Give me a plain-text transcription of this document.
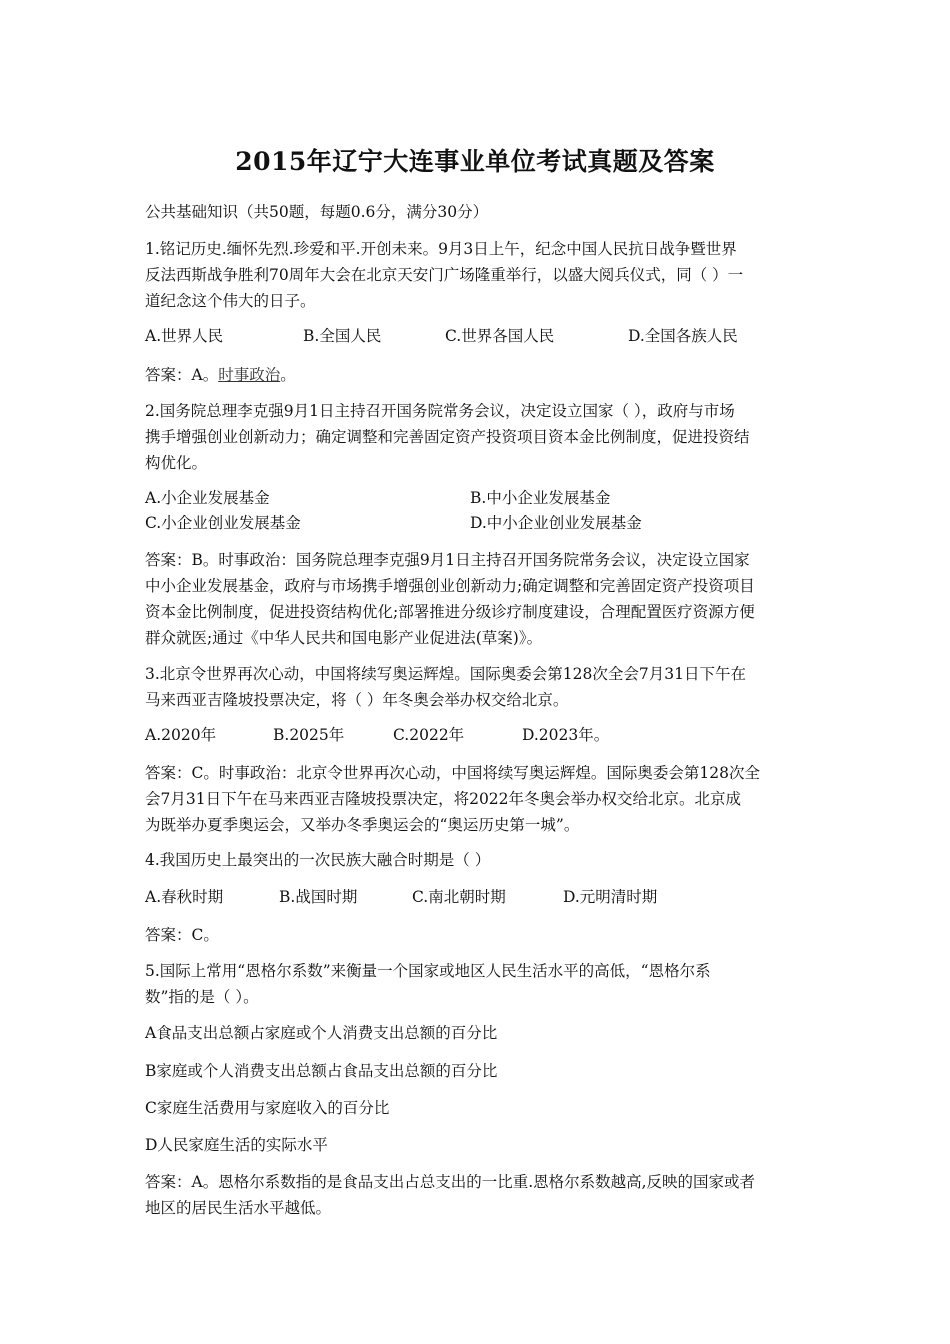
2015年辽宁大连事业单位考试真题及答案
公共基础知识（共50题，每题0.6分，满分30分）
1.铭记历史.缅怀先烈.珍爱和平.开创未来。9月3日上午，纪念中国人民抗日战争暨世界
反法西斯战争胜利70周年大会在北京天安门广场隆重举行，以盛大阅兵仪式，同（ ）一
道纪念这个伟大的日子。
A.世界人民	B.全国人民	C.世界各国人民	D.全国各族人民
答案：A。时事政治。
2.国务院总理李克强9月1日主持召开国务院常务会议，决定设立国家（ ），政府与市场
携手增强创业创新动力；确定调整和完善固定资产投资项目资本金比例制度，促进投资结
构优化。
A.小企业发展基金	B.中小企业发展基金
C.小企业创业发展基金	D.中小企业创业发展基金
答案：B。时事政治：国务院总理李克强9月1日主持召开国务院常务会议，决定设立国家
中小企业发展基金，政府与市场携手增强创业创新动力;确定调整和完善固定资产投资项目
资本金比例制度，促进投资结构优化;部署推进分级诊疗制度建设，合理配置医疗资源方便
群众就医;通过《中华人民共和国电影产业促进法(草案)》。
3.北京令世界再次心动，中国将续写奥运辉煌。国际奥委会第128次全会7月31日下午在
马来西亚吉隆坡投票决定，将（ ）年冬奥会举办权交给北京。
A.2020年	B.2025年	C.2022年	D.2023年。
答案：C。时事政治：北京令世界再次心动，中国将续写奥运辉煌。国际奥委会第128次全
会7月31日下午在马来西亚吉隆坡投票决定，将2022年冬奥会举办权交给北京。北京成
为既举办夏季奥运会，又举办冬季奥运会的“奥运历史第一城”。
4.我国历史上最突出的一次民族大融合时期是（ ）
A.春秋时期	B.战国时期	C.南北朝时期	D.元明清时期
答案：C。
5.国际上常用“恩格尔系数”来衡量一个国家或地区人民生活水平的高低，“恩格尔系
数”指的是（ ）。
A食品支出总额占家庭或个人消费支出总额的百分比
B家庭或个人消费支出总额占食品支出总额的百分比
C家庭生活费用与家庭收入的百分比
D人民家庭生活的实际水平
答案：A。恩格尔系数指的是食品支出占总支出的一比重.恩格尔系数越高,反映的国家或者
地区的居民生活水平越低。
